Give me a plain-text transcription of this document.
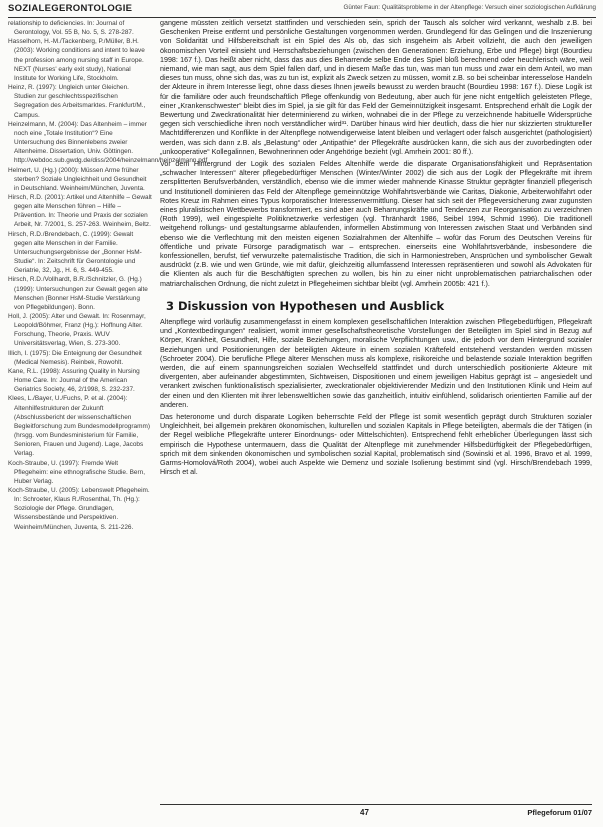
SOZIALEGERONTOLOGIE	Günter Faun: Qualitätsprobleme in der Altenpflege: Versuch einer soziologischen Aufklärung

relationship to deficiencies. In: Journal of Gerontology, Vol. 55 B, No. 5, S. 278-287.

Hasselhorn, H.-M./Tackenberg, P./Müller, B.H. (2003): Working conditions and intent to leave the profession among nursing staff in Europe. NEXT (Nurses' early exit study), National Institute for Working Life, Stockholm.

Heinz, R. (1997): Ungleich unter Gleichen. Studien zur geschlechtsspezifischen Segregation des Arbeitsmarktes. Frankfurt/M., Campus.

Heinzelmann, M. (2004): Das Altenheim – immer noch eine „Totale Institution“? Eine Untersuchung des Binnenlebens zweier Altenheime. Dissertation, Univ. Göttingen. http://webdoc.sub.gwdg.de/diss/2004/heinzelmann/heinzelmann.pdf

Helmert, U. (Hg.) (2000): Müssen Arme früher sterben? Soziale Ungleichheit und Gesundheit in Deutschland. Weinheim/München, Juventa.

Hirsch, R.D. (2001): Artikel und Altenhilfe – Gewalt gegen alte Menschen führen – Hilfe – Prävention. In: Theorie und Praxis der sozialen Arbeit, Nr. 7/2001, S. 257-263. Weinheim, Beltz.

Hirsch, R.D./Brendebach, C. (1999): Gewalt gegen alte Menschen in der Familie. Untersuchungsergebnisse der „Bonner HsM-Studie“. In: Zeitschrift für Gerontologie und Geriatrie, 32, Jg., H. 6, S. 449-455.

Hirsch, R.D./Vollhardt, B.R./Schnitzler, G. (Hg.) (1999): Untersuchungen zur Gewalt gegen alte Menschen (Bonner HsM-Studie Verstärkung von Pflegebildungen). Bonn.

Holl, J. (2005): Alter und Gewalt. In: Rosenmayr, Leopold/Böhmer, Franz (Hg.): Hoffnung Alter. Forschung, Theorie, Praxis. WUV Universitätsverlag, Wien, S. 273-300.

Illich, I. (1975): Die Enteignung der Gesundheit (Medical Nemesis). Reinbek, Rowohlt.

Kane, R.L. (1998): Assuring Quality in Nursing Home Care. In: Journal of the American Geriatrics Society, 46, 2/1998, S. 232-237.

Klees, L./Bayer, U./Fuchs, P. et al. (2004): Altenhilfestrukturen der Zukunft (Abschlussbericht der wissenschaftlichen Begleitforschung zum Bundesmodellprogramm) (hrsgg. vom Bundesministerium für Familie, Senioren, Frauen und Jugend). Lage, Jacobs Verlag.

Koch-Straube, U. (1997): Fremde Welt Pflegeheim: eine ethnografische Studie. Bern, Huber Verlag.

Koch-Straube, U. (2005): Lebenswelt Pflegeheim. In: Schroeter, Klaus R./Rosenthal, Th. (Hg.): Soziologie der Pflege. Grundlagen, Wissensbestände und Perspektiven. Weinheim/München, Juventa, S. 211-226.

gangene müssten zeitlich versetzt stattfinden und verschieden sein, sprich der Tausch als solcher wird verkannt, weshalb z.B. bei Geschenken Preise entfernt und persönliche Gestaltungen vorgenommen werden. Grundlegend für das Gelingen und die Inszenierung von Solidarität und Hilfsbereitschaft ist ein Spiel des Als ob, das sich insgeheim als Arbeit vollzieht, die auch den jeweiligen ökonomischen Vorteil einsieht und Herrschaftsbeziehungen (zwischen den Generationen: Erziehung, Erbe und Pflege) birgt (Bourdieu 1998: 167 f.). Das heißt aber nicht, dass das aus dies Beharrende selbe Ende des Spiel bloß berechnend oder heuchlerisch wäre, weil niemand, wie man sagt, aus dem Spiel fallen darf, und in diesem Maße das tun, was man tun muss und zwar ein dem Anteil, wo man dieses tun muss, ohne sich das, was zu tun ist, explizit als Zweck setzen zu müssen, womit z.B. so bei scheinbar interesselose Handeln der Akteure in ihrem Interesse liegt, ohne dass dieses Ihnen jeweils bewusst zu werden braucht (Bourdieu 1998: 167 f.). Diese Logik ist für die familiäre oder auch freundschaftlich Pflege offenkundig von Bedeutung, aber auch für jene nicht entgeltlich geleisteten Pflege, einer „Krankenschwester“ bleibt dies im Spiel, ja sie gilt für das Feld der Gemeinnützigkeit insgesamt. Entsprechend erhält die Logik der Bewertung und Zweckrationalität hier determinierend zu wirken, wohnabei die in der Pflege zu verzeichnende habituelle Widersprüche gegen sich verschiedliche ihren noch verständlicher wird³¹. Darüber hinaus wird hier deutlich, dass die hier nur skizzierten struktureller Machtdifferenzen und Konflikte in der Altenpflege notwendigerweise latent bleiben und verlagert oder falsch ausgerichtet (pathologisiert) werden, was sich dann z.B. als „Belastung“ oder „Antipathie“ der Pflegekräfte ausdrücken kann, die sich aus der zuvorbedingten oder „unkooperative“ Kollegalinnen, Bewohnerinnen oder Angehörige bezieht (vgl. Amrhein 2001: 80 ff.).

Vor dem Hintergrund der Logik des sozialen Feldes Altenhilfe werde die disparate Organisationsfähigkeit und Repräsentation „schwacher Interessen“ älterer pflegebedürftiger Menschen (Winter/Winter 2002) die sich aus der Logik der Pflegekräfte mit ihrem zersplitterten Berufsverbänden, verständlich, ebenso wie die immer wieder mahnende Kinasse Struktur geprägter finanziell pflegerisch und Institutionell dominieren das Feld der Altenpflege gemeinnützige Wohlfahrtsverbände wie Caritas, Diakonie, Arbeiterwohlfahrt oder Rotes Kreuz im Rahmen eines Typus korporatischer Interessenvermittlung. Dieser hat sich seit der Pflegeversicherung zwar zugunsten eines pluralistischen Wettbewerbs transformiert, es sind aber auch Beharrungskräfte und Tendenzen zur Reorganisation zu verzeichnen (Roth 1999), weil eingespielte Politiknetzwerke verfestigen (vgl. Thränhardt 1986, Seibel 1994, Schmid 1996). Die traditionell weitgehend rollungs- und gestaltungsarme ablaufenden, informellen Abstimmung von Interessen zwischen Staat und Verbänden sind ebenso wie die Verflechtung mit den meisten eigenen Sozialrahmen der Altenhilfe – wofür das Forum des Deutschen Vereins für öffentliche und private Fürsorge paradigmatisch war – entsprechen. einerseits eine Wohlfahrtsverbände, insbesondere die konfessionellen, berufst, tief verwurzelte paternalistische Tradition, die sich in Harmoniestreben, Ansprüchen und symbolischer Gewalt ausdrückt (z.B. wie und wen Gründe, wie mit dafür, gleichzeitig allumfassend Interessen repräsentieren und sowohl als Advokaten für die Klienten als auch für die Beschäftigten sprechen zu wollen, bis hin zu einer nicht unproblematischen patriarchalischen oder matriarchalischen Ordnung, die nicht zuletzt in Pflegeheimen sichtbar bleibt (vgl. Amrhein 2005b: 421 f.).

3 Diskussion von Hypothesen und Ausblick

Altenpflege wird vorläufig zusammengefasst in einem komplexen gesellschaftlichen Interaktion zwischen Pflegebedürftigen, Pflegekraft und „Kontextbedingungen“ realisiert, womit immer gesellschaftstheoretische Vorstellungen der Beteiligten im Spiel sind in Bezug auf Körper, Krankheit, Gesundheit, Hilfe, soziale Beziehungen, moralische Verpflichtungen usw., die jedoch vor dem Hintergrund sozialer Beziehungen und Positionierungen der beteiligten Akteure in einem sozialen Kräftefeld entstehend verstanden werden müssen (Schroeter 2004). Die berufliche Pflege älterer Menschen muss als komplexe, risikoreiche und belastende soziale Interaktion begriffen werden, die auf einem spannungsreichen sozialen Wechselfeld stattfindet und durch unterschiedlich positionierte Akteure mit divergenten, aber aufeinander abgestimmten, Sichtweisen, Dispositionen und einem jeweiligen Habitus geprägt ist – angesiedelt und verankert zwischen funktionalistisch spezialisierter, zweckrationaler objektivierender Medizin und den Institutionen Klinik und Heim auf der einen und den Klienten mit ihrer lebensweltlichen sowie das ganzheitlich, intuitiv einfühlend, solidarisch orientierten Familie auf der anderen.

Das heteronome und durch disparate Logiken beherrschte Feld der Pflege ist somit wesentlich geprägt durch Strukturen sozialer Ungleichheit, bei allgemein prekären ökonomischen, kulturellen und sozialen Kapitals in Pflege beteiligten, abermals die der Tätigen (in der Regel weibliche Pflegekräfte unterer Einordnungs- oder Mittelschichten). Entsprechend fehlt erheblicher Überlegungen lässt sich empirisch die Hypothese untermauern, dass die Qualität der Altenpflege mit zunehmender Hilfsbedürftigkeit der Pflegebedürftigen, sprich mit dem sinkenden ökonomischen und symbolischen sozial Kapital, problematisch sind (Sowinski et al. 1996, Bravo et al. 1999, Garms-Homolová/Roth 2004), wobei auch Aspekte wie Demenz und soziale Isolierung bestimmt sind (vgl. Hirsch/Brendebach 1999, Hirsch et al.

47	Pflegeforum 01/07
